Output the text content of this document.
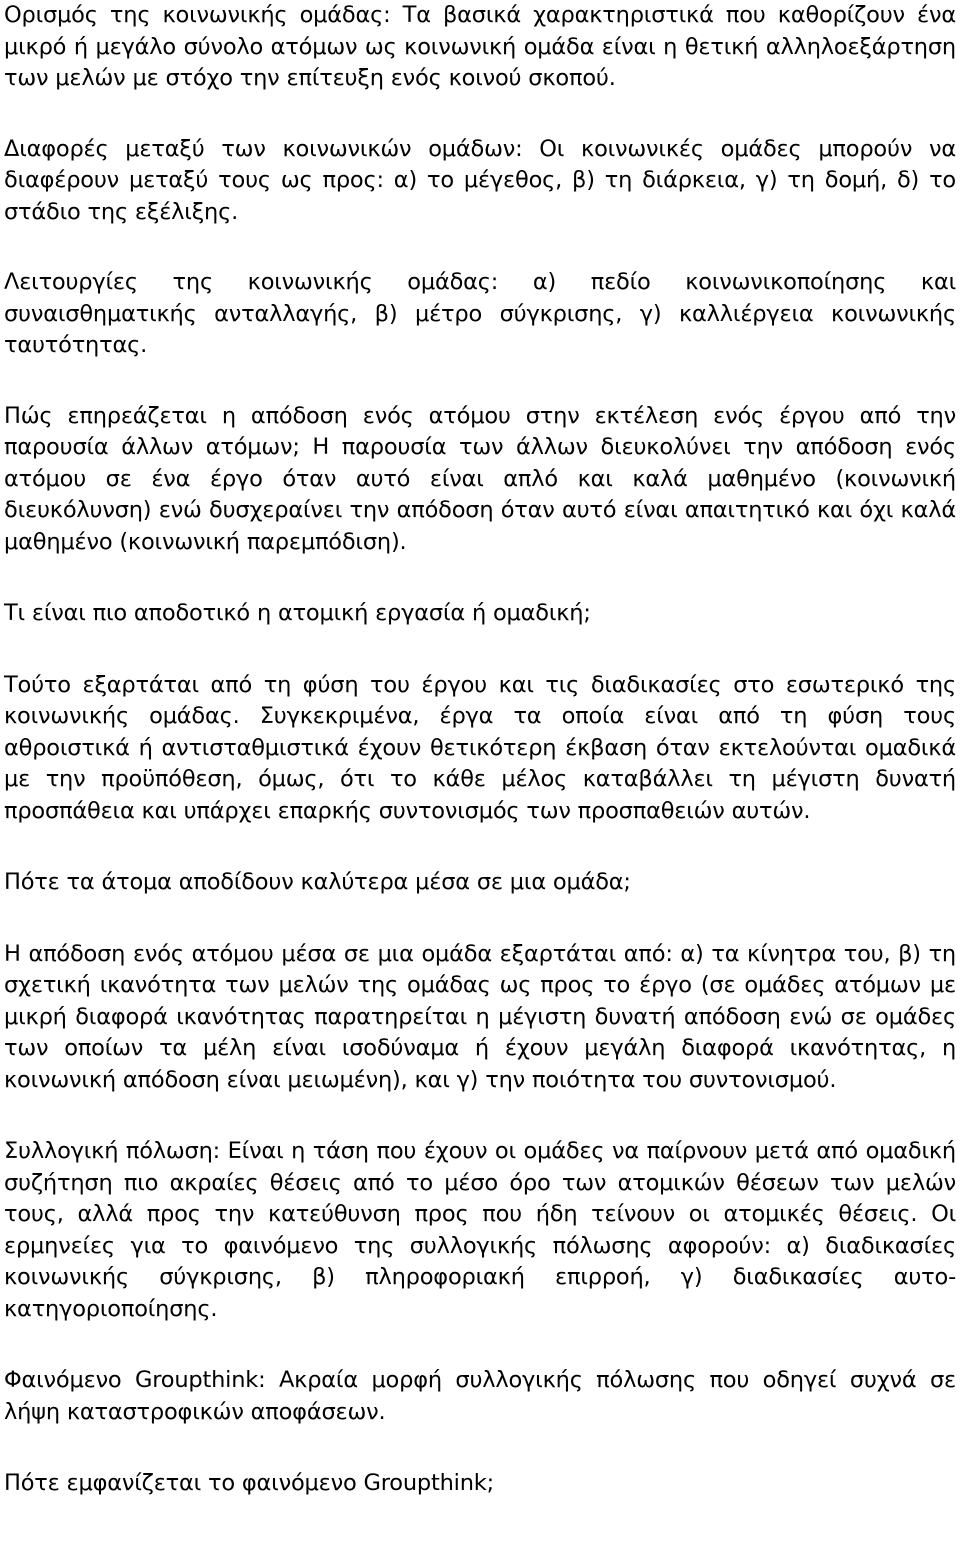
Ορισμός της κοινωνικής ομάδας: Τα βασικά χαρακτηριστικά που καθορίζουν ένα μικρό ή μεγάλο σύνολο ατόμων ως κοινωνική ομάδα είναι η θετική αλληλοεξάρτηση των μελών με στόχο την επίτευξη ενός κοινού σκοπού.

Διαφορές μεταξύ των κοινωνικών ομάδων: Οι κοινωνικές ομάδες μπορούν να διαφέρουν μεταξύ τους ως προς: α) το μέγεθος, β) τη διάρκεια, γ) τη δομή, δ) το στάδιο της εξέλιξης.

Λειτουργίες της κοινωνικής ομάδας: α) πεδίο κοινωνικοποίησης και συναισθηματικής ανταλλαγής, β) μέτρο σύγκρισης, γ) καλλιέργεια κοινωνικής ταυτότητας.

Πώς επηρεάζεται η απόδοση ενός ατόμου στην εκτέλεση ενός έργου από την παρουσία άλλων ατόμων; Η παρουσία των άλλων διευκολύνει την απόδοση ενός ατόμου σε ένα έργο όταν αυτό είναι απλό και καλά μαθημένο (κοινωνική διευκόλυνση) ενώ δυσχεραίνει την απόδοση όταν αυτό είναι απαιτητικό και όχι καλά μαθημένο (κοινωνική παρεμπόδιση).

Τι είναι πιο αποδοτικό η ατομική εργασία ή ομαδική;

Τούτο εξαρτάται από τη φύση του έργου και τις διαδικασίες στο εσωτερικό της κοινωνικής ομάδας. Συγκεκριμένα, έργα τα οποία είναι από τη φύση τους αθροιστικά ή αντισταθμιστικά έχουν θετικότερη έκβαση όταν εκτελούνται ομαδικά με την προϋπόθεση, όμως, ότι το κάθε μέλος καταβάλλει τη μέγιστη δυνατή προσπάθεια και υπάρχει επαρκής συντονισμός των προσπαθειών αυτών.

Πότε τα άτομα αποδίδουν καλύτερα μέσα σε μια ομάδα;

Η απόδοση ενός ατόμου μέσα σε μια ομάδα εξαρτάται από: α) τα κίνητρα του, β) τη σχετική ικανότητα των μελών της ομάδας ως προς το έργο (σε ομάδες ατόμων με μικρή διαφορά ικανότητας παρατηρείται η μέγιστη δυνατή απόδοση ενώ σε ομάδες των οποίων τα μέλη είναι ισοδύναμα ή έχουν μεγάλη διαφορά ικανότητας, η κοινωνική απόδοση είναι μειωμένη), και γ) την ποιότητα του συντονισμού.

Συλλογική πόλωση: Είναι η τάση που έχουν οι ομάδες να παίρνουν μετά από ομαδική συζήτηση πιο ακραίες θέσεις από το μέσο όρο των ατομικών θέσεων των μελών τους, αλλά προς την κατεύθυνση προς που ήδη τείνουν οι ατομικές θέσεις. Οι ερμηνείες για το φαινόμενο της συλλογικής πόλωσης αφορούν: α) διαδικασίες κοινωνικής σύγκρισης, β) πληροφοριακή επιρροή, γ) διαδικασίες αυτο-κατηγοριοποίησης.

Φαινόμενο Groupthink: Ακραία μορφή συλλογικής πόλωσης που οδηγεί συχνά σε λήψη καταστροφικών αποφάσεων.

Πότε εμφανίζεται το φαινόμενο Groupthink;
